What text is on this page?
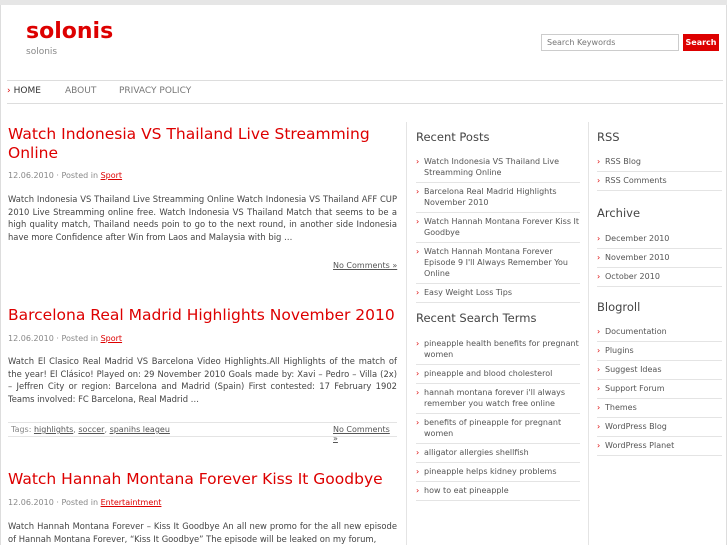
solonis
solonis
Search Keywords
Search
› HOME	ABOUT	PRIVACY POLICY
Watch Indonesia VS Thailand Live Streamming Online
12.06.2010 · Posted in Sport
Watch Indonesia VS Thailand Live Streamming Online Watch Indonesia VS Thailand AFF CUP 2010 Live Streamming online free. Watch Indonesia VS Thailand Match that seems to be a high quality match, Thailand needs poin to go to the next round, in another side Indonesia have more Confidence after Win from Laos and Malaysia with big …
No Comments »
Barcelona Real Madrid Highlights November 2010
12.06.2010 · Posted in Sport
Watch El Clasico Real Madrid VS Barcelona Video Highlights.All Highlights of the match of the year! El Clásico! Played on: 29 November 2010 Goals made by: Xavi – Pedro – Villa (2x) – Jeffren City or region: Barcelona and Madrid (Spain) First contested: 17 February 1902 Teams involved: FC Barcelona, Real Madrid …
Tags: highlights, soccer, spanihs leageu	No Comments »
Watch Hannah Montana Forever Kiss It Goodbye
12.06.2010 · Posted in Entertaintment
Watch Hannah Montana Forever – Kiss It Goodbye An all new promo for the all new episode of Hannah Montana Forever, “Kiss It Goodbye” The episode will be leaked on my forum,
Recent Posts
› Watch Indonesia VS Thailand Live Streamming Online
› Barcelona Real Madrid Highlights November 2010
› Watch Hannah Montana Forever Kiss It Goodbye
› Watch Hannah Montana Forever Episode 9 I'll Always Remember You Online
› Easy Weight Loss Tips
Recent Search Terms
› pineapple health benefits for pregnant women
› pineapple and blood cholesterol
› hannah montana forever i'll always remember you watch free online
› benefits of pineapple for pregnant women
› alligator allergies shellfish
› pineapple helps kidney problems
› how to eat pineapple
RSS
› RSS Blog
› RSS Comments
Archive
› December 2010
› November 2010
› October 2010
Blogroll
› Documentation
› Plugins
› Suggest Ideas
› Support Forum
› Themes
› WordPress Blog
› WordPress Planet
